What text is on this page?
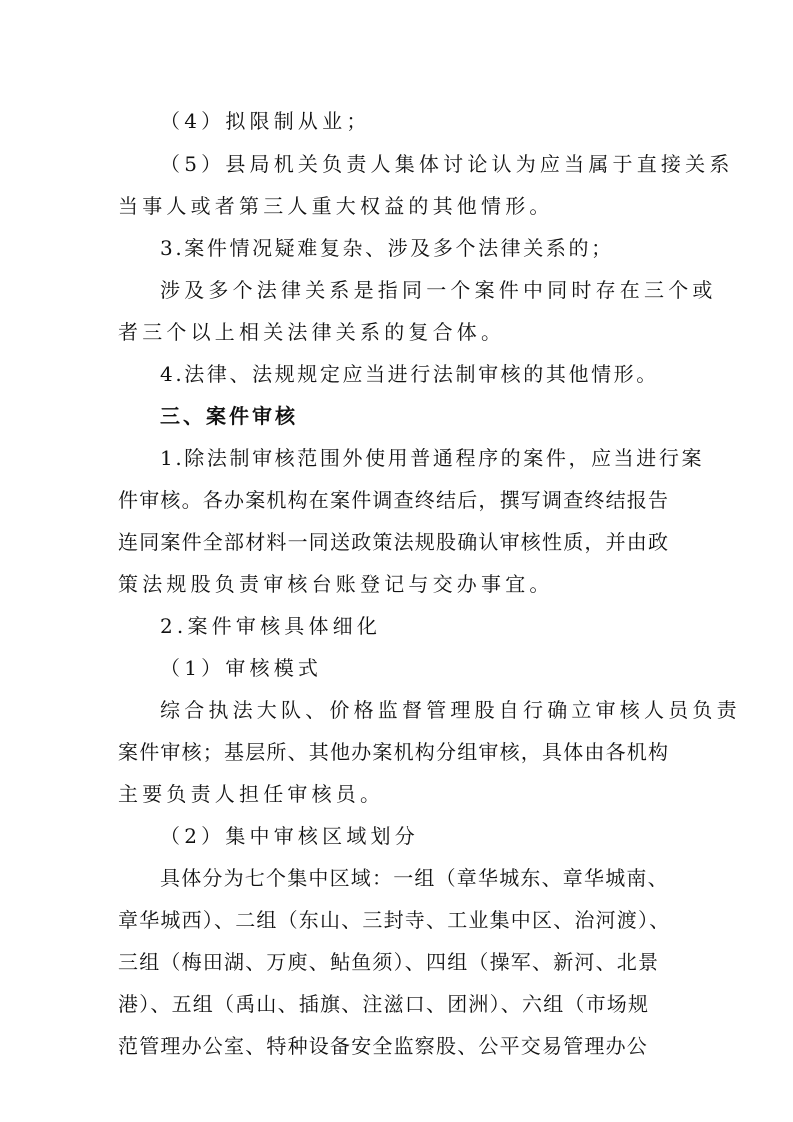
（4）拟限制从业；
（5）县局机关负责人集体讨论认为应当属于直接关系
当事人或者第三人重大权益的其他情形。
3.案件情况疑难复杂、涉及多个法律关系的；
涉及多个法律关系是指同一个案件中同时存在三个或
者三个以上相关法律关系的复合体。
4.法律、法规规定应当进行法制审核的其他情形。
三、案件审核
1.除法制审核范围外使用普通程序的案件，应当进行案
件审核。各办案机构在案件调查终结后，撰写调查终结报告
连同案件全部材料一同送政策法规股确认审核性质，并由政
策法规股负责审核台账登记与交办事宜。
2.案件审核具体细化
（1）审核模式
综合执法大队、价格监督管理股自行确立审核人员负责
案件审核；基层所、其他办案机构分组审核，具体由各机构
主要负责人担任审核员。
（2）集中审核区域划分
具体分为七个集中区域：一组（章华城东、章华城南、
章华城西）、二组（东山、三封寺、工业集中区、治河渡）、
三组（梅田湖、万庾、鲇鱼须）、四组（操军、新河、北景
港）、五组（禹山、插旗、注滋口、团洲）、六组（市场规
范管理办公室、特种设备安全监察股、公平交易管理办公
